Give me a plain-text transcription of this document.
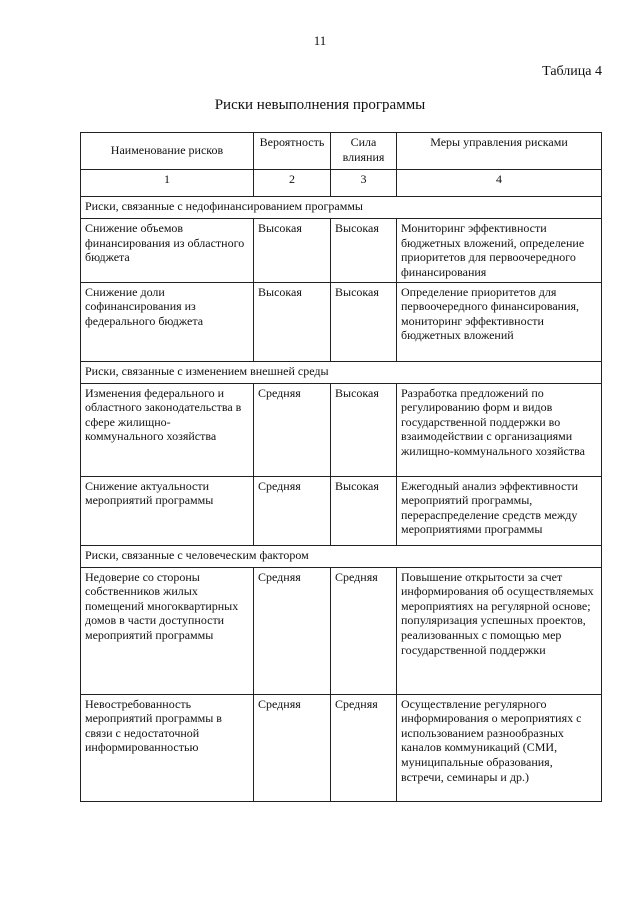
11
Таблица 4
Риски невыполнения программы
Наименование рисков	Вероятность	Сила влияния	Меры управления рисками
1	2	3	4
Риски, связанные с недофинансированием программы			
Снижение объемов финансирования из областного бюджета	Высокая	Высокая	Мониторинг эффективности бюджетных вложений, определение приоритетов для первоочередного финансирования
Снижение доли софинансирования из федерального бюджета	Высокая	Высокая	Определение приоритетов для первоочередного финансирования, мониторинг эффективности бюджетных вложений
Риски, связанные с изменением внешней среды			
Изменения федерального и областного законодательства в сфере жилищно-коммунального хозяйства	Средняя	Высокая	Разработка предложений по регулированию форм и видов государственной поддержки во взаимодействии с организациями жилищно-коммунального хозяйства
Снижение актуальности мероприятий программы	Средняя	Высокая	Ежегодный анализ эффективности мероприятий программы, перераспределение средств между мероприятиями программы
Риски, связанные с человеческим фактором			
Недоверие со стороны собственников жилых помещений многоквартирных домов в части доступности мероприятий программы	Средняя	Средняя	Повышение открытости за счет информирования об осуществляемых мероприятиях на регулярной основе; популяризация успешных проектов, реализованных с помощью мер государственной поддержки
Невостребованность мероприятий программы в связи с недостаточной информированностью	Средняя	Средняя	Осуществление регулярного информирования о мероприятиях с использованием разнообразных каналов коммуникаций (СМИ, муниципальные образования, встречи, семинары и др.)
